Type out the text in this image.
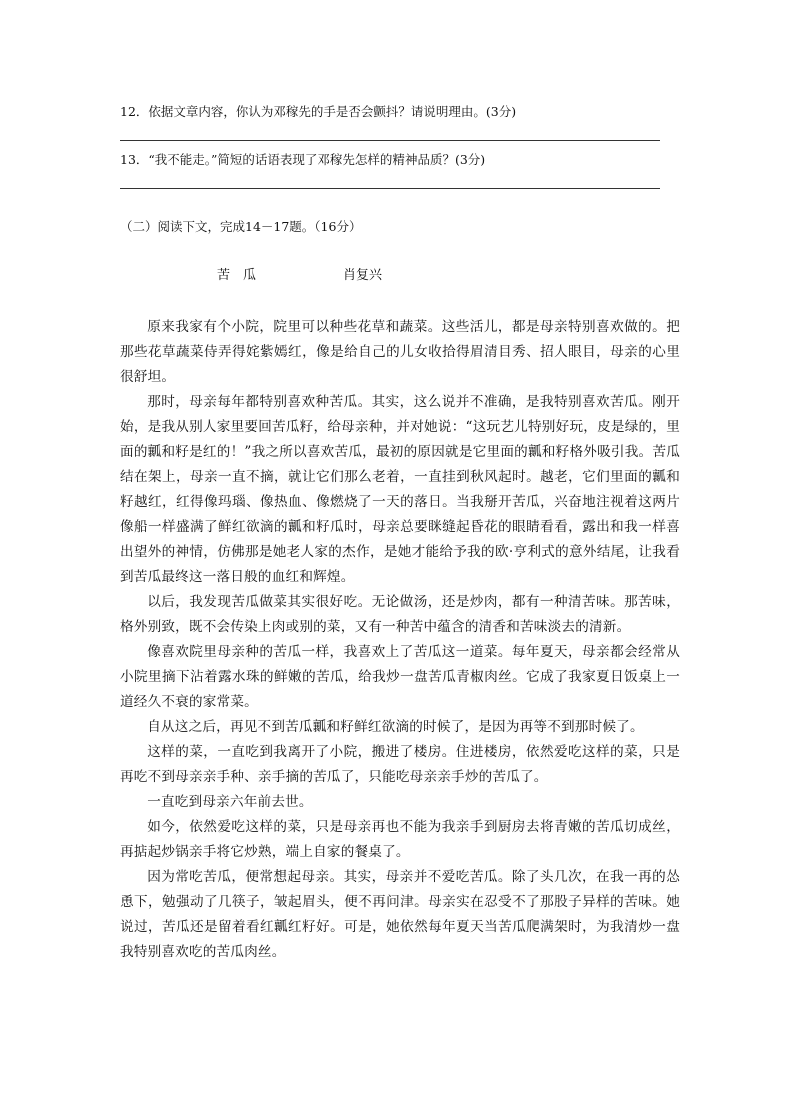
12．依据文章内容，你认为邓稼先的手是否会颤抖？请说明理由。(3分)
13．“我不能走。”简短的话语表现了邓稼先怎样的精神品质？(3分)
（二）阅读下文，完成14－17题。（16分）
苦　瓜	肖复兴

原来我家有个小院，院里可以种些花草和蔬菜。这些活儿，都是母亲特别喜欢做的。把那些花草蔬菜侍弄得姹紫嫣红，像是给自己的儿女收拾得眉清目秀、招人眼目，母亲的心里很舒坦。

那时，母亲每年都特别喜欢种苦瓜。其实，这么说并不准确，是我特别喜欢苦瓜。刚开始，是我从别人家里要回苦瓜籽，给母亲种，并对她说：“这玩艺儿特别好玩，皮是绿的，里面的瓤和籽是红的！”我之所以喜欢苦瓜，最初的原因就是它里面的瓤和籽格外吸引我。苦瓜结在架上，母亲一直不摘，就让它们那么老着，一直挂到秋风起时。越老，它们里面的瓤和籽越红，红得像玛瑙、像热血、像燃烧了一天的落日。当我掰开苦瓜，兴奋地注视着这两片像船一样盛满了鲜红欲滴的瓤和籽瓜时，母亲总要眯缝起昏花的眼睛看看，露出和我一样喜出望外的神情，仿佛那是她老人家的杰作，是她才能给予我的欧·亨利式的意外结尾，让我看到苦瓜最终这一落日般的血红和辉煌。

以后，我发现苦瓜做菜其实很好吃。无论做汤，还是炒肉，都有一种清苦味。那苦味，格外别致，既不会传染上肉或别的菜，又有一种苦中蕴含的清香和苦味淡去的清新。

像喜欢院里母亲种的苦瓜一样，我喜欢上了苦瓜这一道菜。每年夏天，母亲都会经常从小院里摘下沾着露水珠的鲜嫩的苦瓜，给我炒一盘苦瓜青椒肉丝。它成了我家夏日饭桌上一道经久不衰的家常菜。

自从这之后，再见不到苦瓜瓤和籽鲜红欲滴的时候了，是因为再等不到那时候了。

这样的菜，一直吃到我离开了小院，搬进了楼房。住进楼房，依然爱吃这样的菜，只是再吃不到母亲亲手种、亲手摘的苦瓜了，只能吃母亲亲手炒的苦瓜了。

一直吃到母亲六年前去世。

如今，依然爱吃这样的菜，只是母亲再也不能为我亲手到厨房去将青嫩的苦瓜切成丝，再掂起炒锅亲手将它炒熟，端上自家的餐桌了。

因为常吃苦瓜，便常想起母亲。其实，母亲并不爱吃苦瓜。除了头几次，在我一再的怂恿下，勉强动了几筷子，皱起眉头，便不再问津。母亲实在忍受不了那股子异样的苦味。她说过，苦瓜还是留着看红瓤红籽好。可是，她依然每年夏天当苦瓜爬满架时，为我清炒一盘我特别喜欢吃的苦瓜肉丝。
